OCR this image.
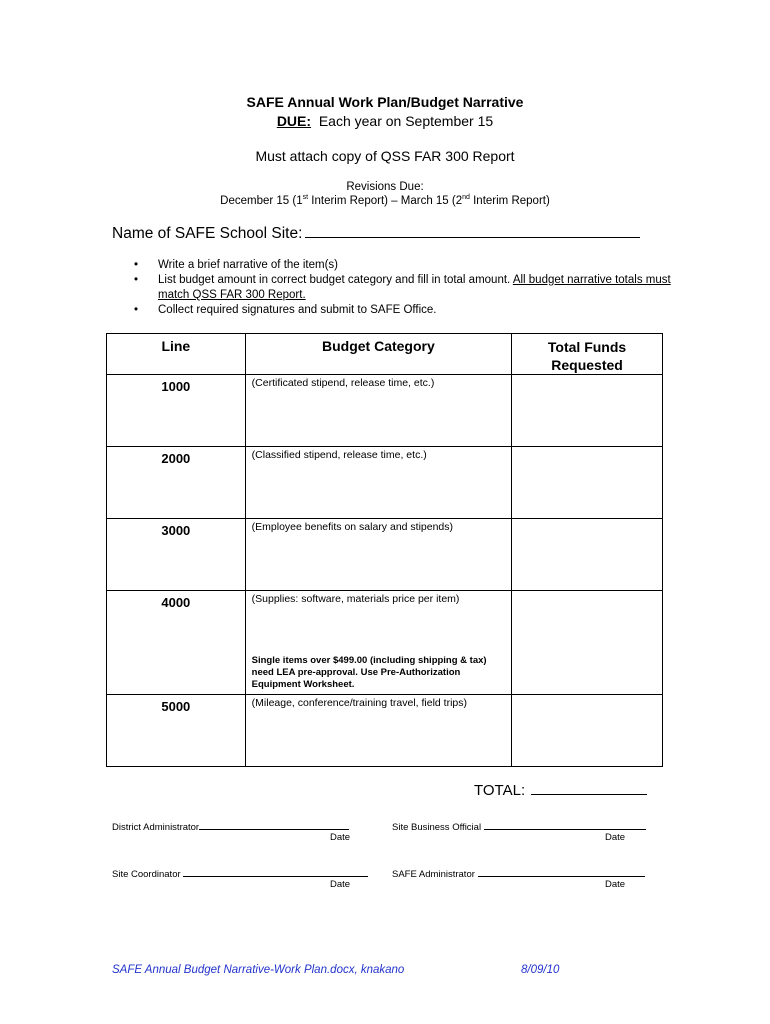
SAFE Annual Work Plan/Budget Narrative
DUE: Each year on September 15
Must attach copy of QSS FAR 300 Report
Revisions Due:
December 15 (1st Interim Report) – March 15 (2nd Interim Report)
Name of SAFE School Site:
• Write a brief narrative of the item(s)
• List budget amount in correct budget category and fill in total amount. All budget narrative totals must match QSS FAR 300 Report.
• Collect required signatures and submit to SAFE Office.
Line	Budget Category	Total Funds Requested

1000	(Certificated stipend, release time, etc.)	

2000	(Classified stipend, release time, etc.)	

3000	(Employee benefits on salary and stipends)	

4000	(Supplies: software, materials price per item)
Single items over $499.00 (including shipping & tax) need LEA pre-approval. Use Pre-Authorization Equipment Worksheet.	

5000	(Mileage, conference/training travel, field trips)	
TOTAL:
District Administrator
Date
Site Business Official
Date
Site Coordinator
Date
SAFE Administrator
Date
SAFE Annual Budget Narrative-Work Plan.docx, knakano	8/09/10
